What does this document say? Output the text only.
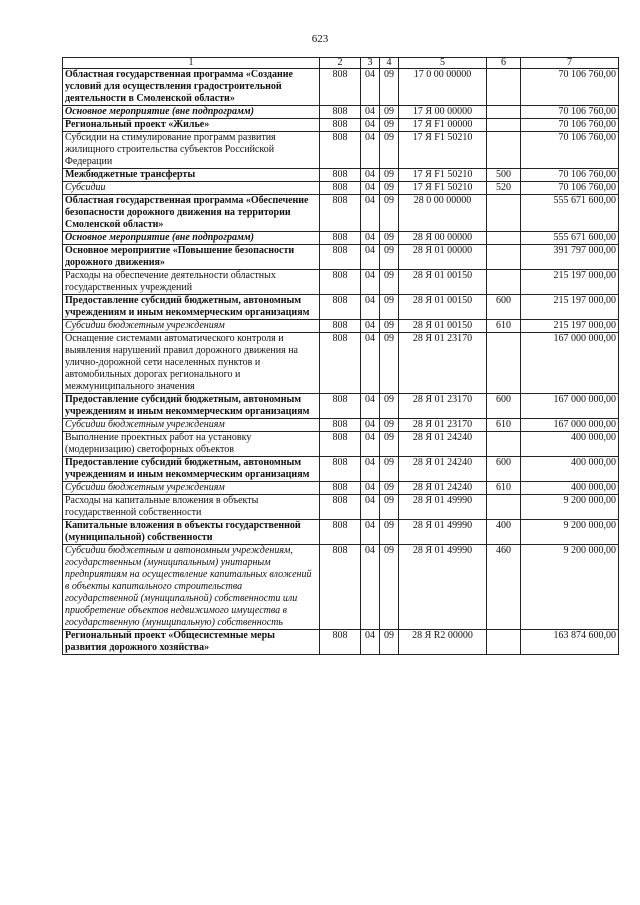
623
1	2	3	4	5	6	7
Областная государственная программа «Создание условий для осуществления градостроительной деятельности в Смоленской области»	808	04	09	17 0 00 00000		70 106 760,00
Основное мероприятие (вне подпрограмм)	808	04	09	17 Я 00 00000		70 106 760,00
Региональный проект «Жилье»	808	04	09	17 Я F1 00000		70 106 760,00
Субсидии на стимулирование программ развития жилищного строительства субъектов Российской Федерации	808	04	09	17 Я F1 50210		70 106 760,00
Межбюджетные трансферты	808	04	09	17 Я F1 50210	500	70 106 760,00
Субсидии	808	04	09	17 Я F1 50210	520	70 106 760,00
Областная государственная программа «Обеспечение безопасности дорожного движения на территории Смоленской области»	808	04	09	28 0 00 00000		555 671 600,00
Основное мероприятие (вне подпрограмм)	808	04	09	28 Я 00 00000		555 671 600,00
Основное мероприятие «Повышение безопасности дорожного движения»	808	04	09	28 Я 01 00000		391 797 000,00
Расходы на обеспечение деятельности областных государственных учреждений	808	04	09	28 Я 01 00150		215 197 000,00
Предоставление субсидий бюджетным, автономным учреждениям и иным некоммерческим организациям	808	04	09	28 Я 01 00150	600	215 197 000,00
Субсидии бюджетным учреждениям	808	04	09	28 Я 01 00150	610	215 197 000,00
Оснащение системами автоматического контроля и выявления нарушений правил дорожного движения на улично-дорожной сети населенных пунктов и автомобильных дорогах регионального и межмуниципального значения	808	04	09	28 Я 01 23170		167 000 000,00
Предоставление субсидий бюджетным, автономным учреждениям и иным некоммерческим организациям	808	04	09	28 Я 01 23170	600	167 000 000,00
Субсидии бюджетным учреждениям	808	04	09	28 Я 01 23170	610	167 000 000,00
Выполнение проектных работ на установку (модернизацию) светофорных объектов	808	04	09	28 Я 01 24240		400 000,00
Предоставление субсидий бюджетным, автономным учреждениям и иным некоммерческим организациям	808	04	09	28 Я 01 24240	600	400 000,00
Субсидии бюджетным учреждениям	808	04	09	28 Я 01 24240	610	400 000,00
Расходы на капитальные вложения в объекты государственной собственности	808	04	09	28 Я 01 49990		9 200 000,00
Капитальные вложения в объекты государственной (муниципальной) собственности	808	04	09	28 Я 01 49990	400	9 200 000,00
Субсидии бюджетным и автономным учреждениям, государственным (муниципальным) унитарным предприятиям на осуществление капитальных вложений в объекты капитального строительства государственной (муниципальной) собственности или приобретение объектов недвижимого имущества в государственную (муниципальную) собственность	808	04	09	28 Я 01 49990	460	9 200 000,00
Региональный проект «Общесистемные меры развития дорожного хозяйства»	808	04	09	28 Я R2 00000		163 874 600,00
